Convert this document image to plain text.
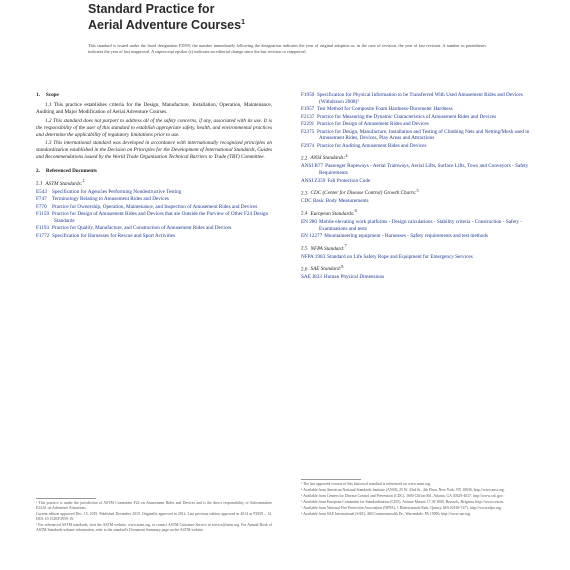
Standard Practice for
Aerial Adventure Courses$^1$
This standard is issued under the fixed designation F2959; the number immediately following the designation indicates the year of original adoption or, in the case of revision, the year of last revision. A number in parentheses indicates the year of last reapproval. A superscript epsilon (ε) indicates an editorial change since the last revision or reapproval.
1. Scope
1.1 This practice establishes criteria for the Design, Manufacture, Installation, Operation, Maintenance, Auditing and Major Modification of Aerial Adventure Courses.
1.2 This standard does not purport to address all of the safety concerns, if any, associated with its use. It is the responsibility of the user of this standard to establish appropriate safety, health, and environmental practices and determine the applicability of regulatory limitations prior to use.
1.3 This international standard was developed in accordance with internationally recognized principles on standardization established in the Decision on Principles for the Development of International Standards, Guides and Recommendations issued by the World Trade Organization Technical Barriers to Trade (TBT) Committee.
2. Referenced Documents
2.1 ASTM Standards:$^2$
E543 Specification for Agencies Performing Nondestructive Testing
F747 Terminology Relating to Amusement Rides and Devices
F770 Practice for Ownership, Operation, Maintenance, and Inspection of Amusement Rides and Devices
F1159 Practice for Design of Amusement Rides and Devices that are Outside the Purview of Other F24 Design Standards
F1193 Practice for Quality, Manufacture, and Construction of Amusement Rides and Devices
F1772 Specification for Harnesses for Rescue and Sport Activities
¹ This practice is under the jurisdiction of ASTM Committee F24 on Amusement Rides and Devices and is the direct responsibility of Subcommittee F24.61 on Adventure Attractions.
Current edition approved Dec. 15, 2019. Published December 2019. Originally approved in 2012. Last previous edition approved in 2014 as F2959 – 14. DOI: 10.1520/F2959-19.
² For referenced ASTM standards, visit the ASTM website, www.astm.org, or contact ASTM Customer Service at service@astm.org. For Annual Book of ASTM Standards volume information, refer to the standard's Document Summary page on the ASTM website.
F1950 Specification for Physical Information to be Transferred With Used Amusement Rides and Devices (Withdrawn 2008)³
F1957 Test Method for Composite Foam Hardness-Durometer Hardness
F2137 Practice for Measuring the Dynamic Characteristics of Amusement Rides and Devices
F2291 Practice for Design of Amusement Rides and Devices
F2375 Practice for Design, Manufacture, Installation and Testing of Climbing Nets and Netting/Mesh used in Amusement Rides, Devices, Play Areas and Attractions
F2974 Practice for Auditing Amusement Rides and Devices
2.2 ANSI Standards:$^4$
ANSI B77 Passenger Ropeways - Aerial Tramways, Aerial Lifts, Surface Lifts, Tows and Conveyors - Safety Requirements
ANSI Z359 Fall Protection Code
2.3 CDC (Center for Disease Control) Growth Charts:$^5$
CDC Basic Body Measurements
2.4 European Standards:$^6$
EN 280 Mobile elevating work platforms - Design calculations - Stability criteria - Construction - Safety - Examinations and tests
EN 12277 Mountaineering equipment - Harnesses - Safety requirements and test methods
2.5 NFPA Standard:$^7$
NFPA 1983 Standard on Life Safety Rope and Equipment for Emergency Services
2.6 SAE Standard:$^8$
SAE J833 Human Physical Dimensions
³ The last approved version of this historical standard is referenced on www.astm.org.
⁴ Available from American National Standards Institute (ANSI), 25 W. 43rd St., 4th Floor, New York, NY 10036, http://www.ansi.org.
⁵ Available from Centers for Disease Control and Prevention (CDC), 1600 Clifton Rd., Atlanta, GA 30329-4027, http://www.cdc.gov.
⁶ Available from European Committee for Standardization (CEN), Avenue Marnix 17, B-1000, Brussels, Belgium, http://www.cen.eu.
⁷ Available from National Fire Protection Association (NFPA), 1 Batterymarch Park, Quincy, MA 02169-7471, http://www.nfpa.org.
⁸ Available from SAE International (SAE), 400 Commonwealth Dr., Warrendale, PA 15096, http://www.sae.org.
